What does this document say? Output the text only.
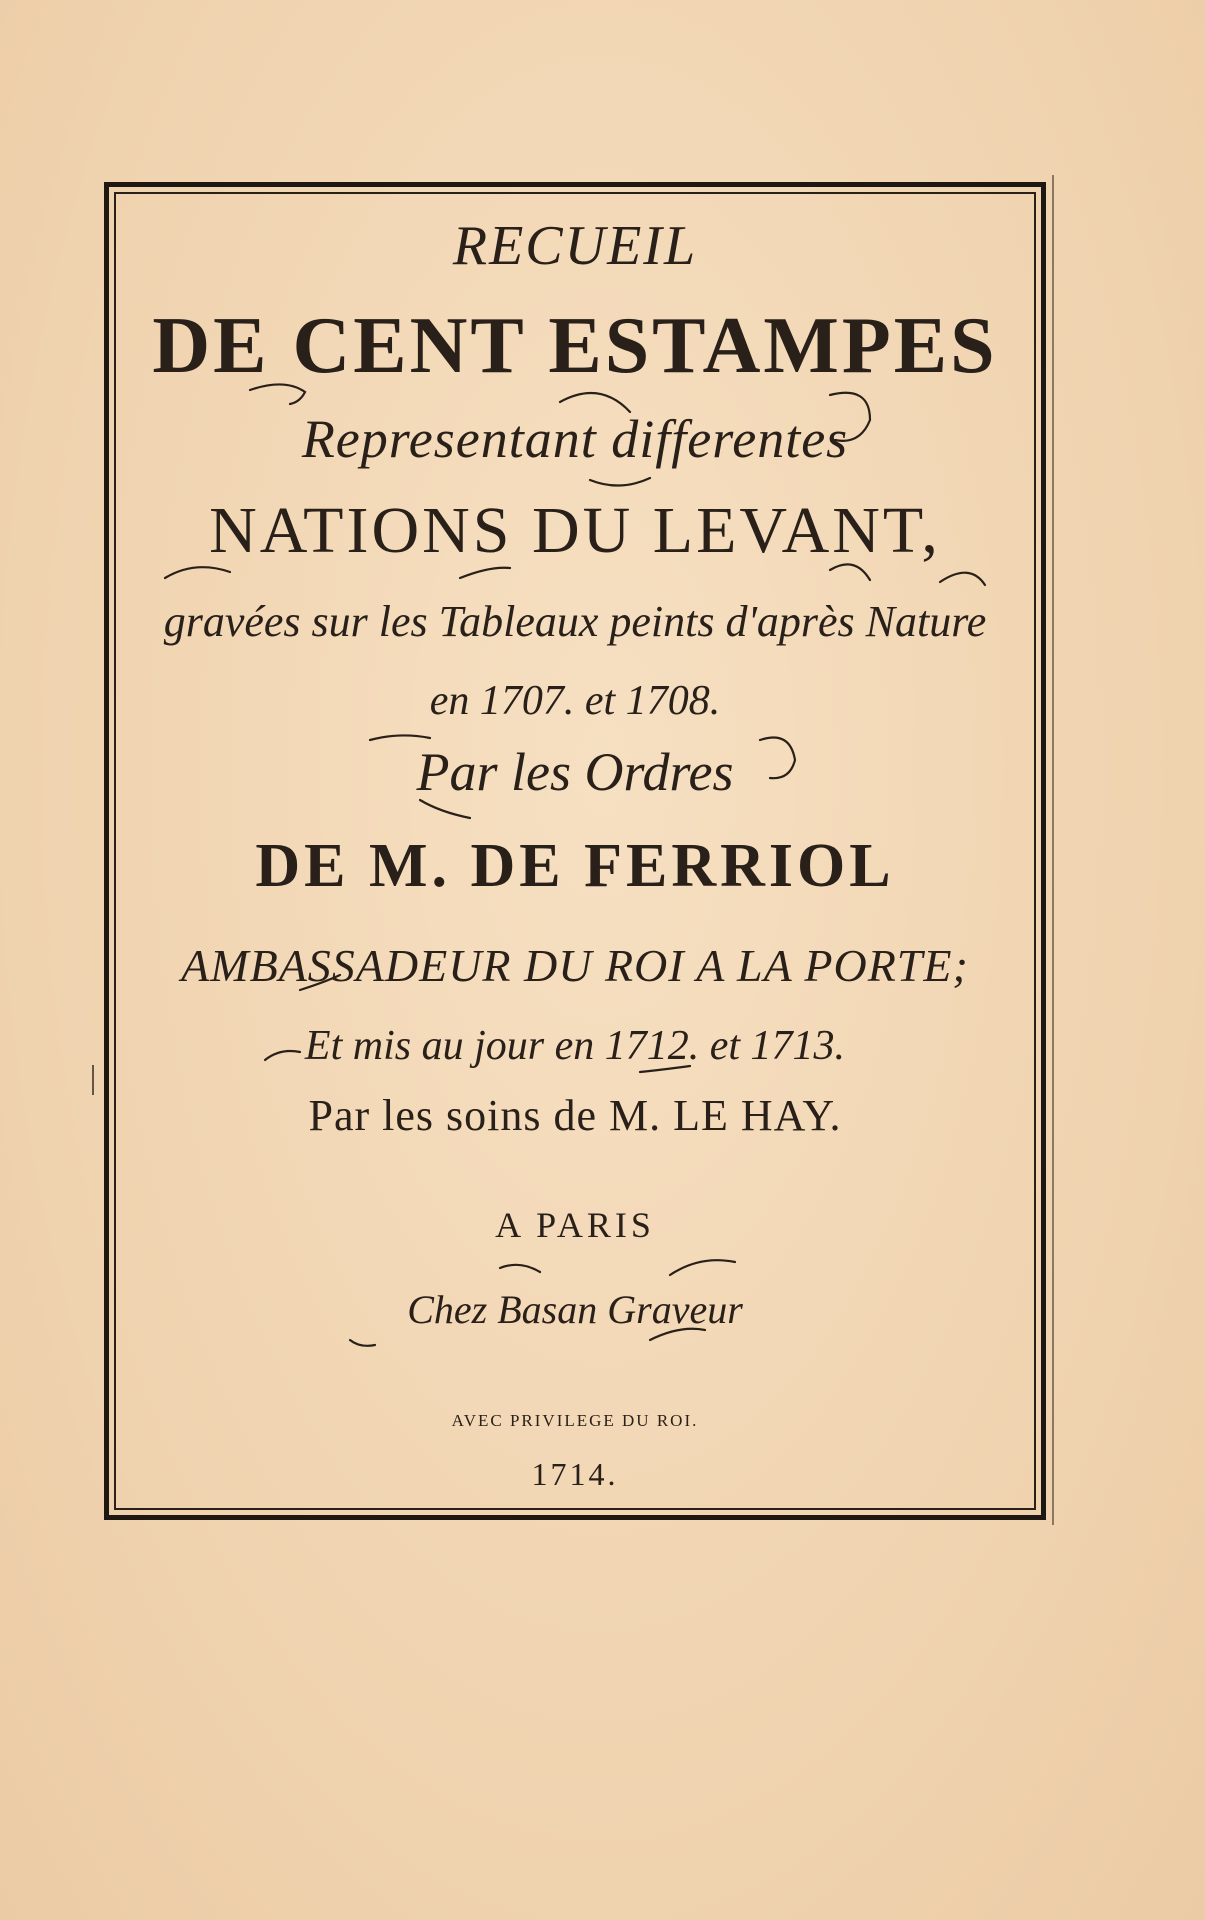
RECUEIL
DE CENT ESTAMPES
Representant differentes
NATIONS DU LEVANT,
gravées sur les Tableaux peints d'après Nature
en 1707. et 1708.
Par les Ordres
DE M. DE FERRIOL
AMBASSADEUR DU ROI A LA PORTE;
Et mis au jour en 1712. et 1713.
Par les soins de M. LE HAY.
A PARIS
Chez Basan Graveur
AVEC PRIVILEGE DU ROI.
1714.
